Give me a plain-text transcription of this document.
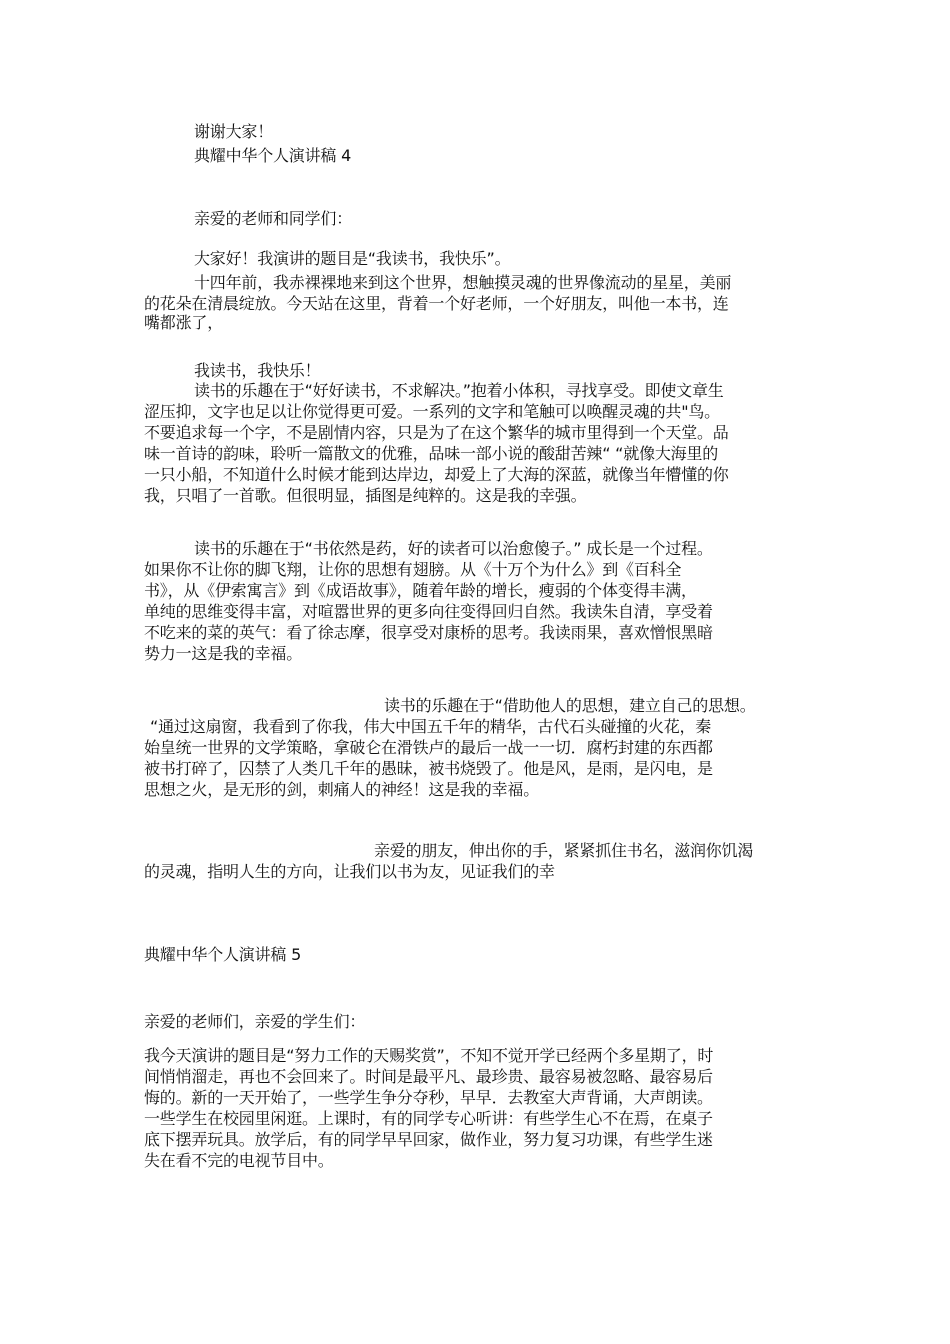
谢谢大家！
典耀中华个人演讲稿 4
亲爱的老师和同学们：
大家好！我演讲的题目是“我读书，我快乐”。
十四年前，我赤裸裸地来到这个世界，想触摸灵魂的世界像流动的星星，美丽
的花朵在清晨绽放。今天站在这里，背着一个好老师，一个好朋友，叫他一本书，连
嘴都涨了，
我读书，我快乐！
读书的乐趣在于“好好读书，不求解决。”抱着小体积，寻找享受。即使文章生
涩压抑，文字也足以让你觉得更可爱。一系列的文字和笔触可以唤醒灵魂的共"鸟。
不要追求每一个字，不是剧情内容，只是为了在这个繁华的城市里得到一个天堂。品
味一首诗的韵味，聆听一篇散文的优雅，品味一部小说的酸甜苦辣“ “就像大海里的
一只小船，不知道什么时候才能到达岸边，却爱上了大海的深蓝，就像当年懵懂的你
我，只唱了一首歌。但很明显，插图是纯粹的。这是我的幸强。
读书的乐趣在于“书依然是药，好的读者可以治愈傻子。” 成长是一个过程。
如果你不让你的脚飞翔，让你的思想有翅膀。从《十万个为什么》到《百科全
书》，从《伊索寓言》到《成语故事》，随着年龄的增长，瘦弱的个体变得丰满，
单纯的思维变得丰富，对喧嚣世界的更多向往变得回归自然。我读朱自清，享受着
不吃来的菜的英气：看了徐志摩，很享受对康桥的思考。我读雨果，喜欢憎恨黑暗
势力一这是我的幸福。
读书的乐趣在于“借助他人的思想，建立自己的思想。
“通过这扇窗，我看到了你我，伟大中国五千年的精华，古代石头碰撞的火花，秦
始皇统一世界的文学策略，拿破仑在滑铁卢的最后一战一一切．腐朽封建的东西都
被书打碎了，囚禁了人类几千年的愚昧，被书烧毁了。他是风，是雨，是闪电，是
思想之火，是无形的剑，刺痛人的神经！这是我的幸福。
亲爱的朋友，伸出你的手，紧紧抓住书名，滋润你饥渴
的灵魂，指明人生的方向，让我们以书为友，见证我们的幸
典耀中华个人演讲稿 5
亲爱的老师们，亲爱的学生们：
我今天演讲的题目是“努力工作的天赐奖赏”，不知不觉开学已经两个多星期了，时
间悄悄溜走，再也不会回来了。时间是最平凡、最珍贵、最容易被忽略、最容易后
悔的。新的一天开始了，一些学生争分夺秒，早早．去教室大声背诵，大声朗读。
一些学生在校园里闲逛。上课时，有的同学专心听讲：有些学生心不在焉，在桌子
底下摆弄玩具。放学后，有的同学早早回家，做作业，努力复习功课，有些学生迷
失在看不完的电视节目中。
